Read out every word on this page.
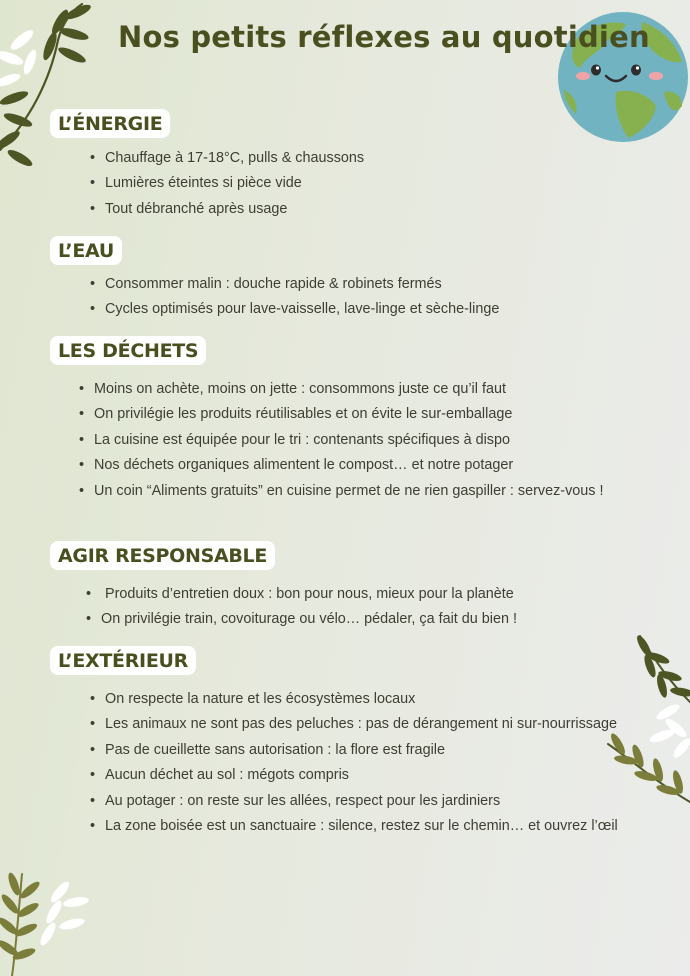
Nos petits réflexes au quotidien
L’ÉNERGIE
• Chauffage à 17-18°C, pulls & chaussons
• Lumières éteintes si pièce vide
• Tout débranché après usage
L’EAU
• Consommer malin : douche rapide & robinets fermés
• Cycles optimisés pour lave-vaisselle, lave-linge et sèche-linge
LES DÉCHETS
• Moins on achète, moins on jette : consommons juste ce qu’il faut
• On privilégie les produits réutilisables et on évite le sur-emballage
• La cuisine est équipée pour le tri : contenants spécifiques à dispo
• Nos déchets organiques alimentent le compost… et notre potager
• Un coin “Aliments gratuits” en cuisine permet de ne rien gaspiller : servez-vous !
AGIR RESPONSABLE
• Produits d’entretien doux : bon pour nous, mieux pour la planète
• On privilégie train, covoiturage ou vélo… pédaler, ça fait du bien !
L’EXTÉRIEUR
• On respecte la nature et les écosystèmes locaux
• Les animaux ne sont pas des peluches : pas de dérangement ni sur-nourrissage
• Pas de cueillette sans autorisation : la flore est fragile
• Aucun déchet au sol : mégots compris
• Au potager : on reste sur les allées, respect pour les jardiniers
• La zone boisée est un sanctuaire : silence, restez sur le chemin… et ouvrez l’œil
